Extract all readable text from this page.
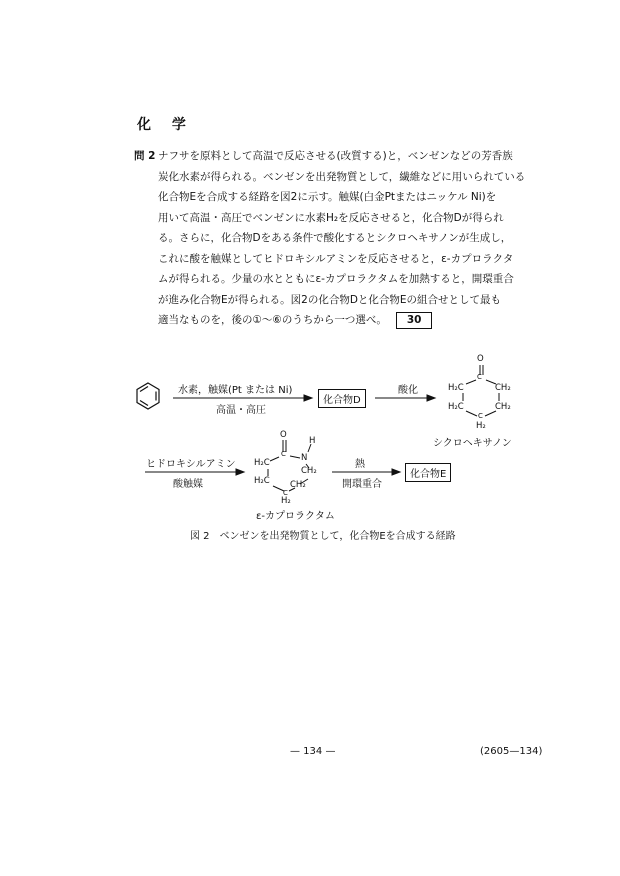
化 学
問 2 ナフサを原料として高温で反応させる(改質する)と，ベンゼンなどの芳香族
炭化水素が得られる。ベンゼンを出発物質として，繊維などに用いられている
化合物Eを合成する経路を図2に示す。触媒(白金Ptまたはニッケル Ni)を
用いて高温・高圧でベンゼンに水素H₂を反応させると，化合物Dが得られ
る。さらに，化合物Dをある条件で酸化するとシクロヘキサノンが生成し，
これに酸を触媒としてヒドロキシルアミンを反応させると，ε-カプロラクタ
ムが得られる。少量の水とともにε-カプロラクタムを加熱すると，開環重合
が進み化合物Eが得られる。図2の化合物Dと化合物Eの組合せとして最も
適当なものを，後の①～⑥のうちから一つ選べ。 30
水素，触媒(Pt または Ni)
高温・高圧
化合物D
酸化
O
C
H₂C	CH₂
H₂C	CH₂
C
H₂
シクロヘキサノン
ヒドロキシルアミン
酸触媒
O
H
C N
H₂C
CH₂
H₂C CH₂
C
H₂
ε-カプロラクタム
熱
開環重合
化合物E
図 2　ベンゼンを出発物質として，化合物Eを合成する経路
— 134 —	(2605—134)
